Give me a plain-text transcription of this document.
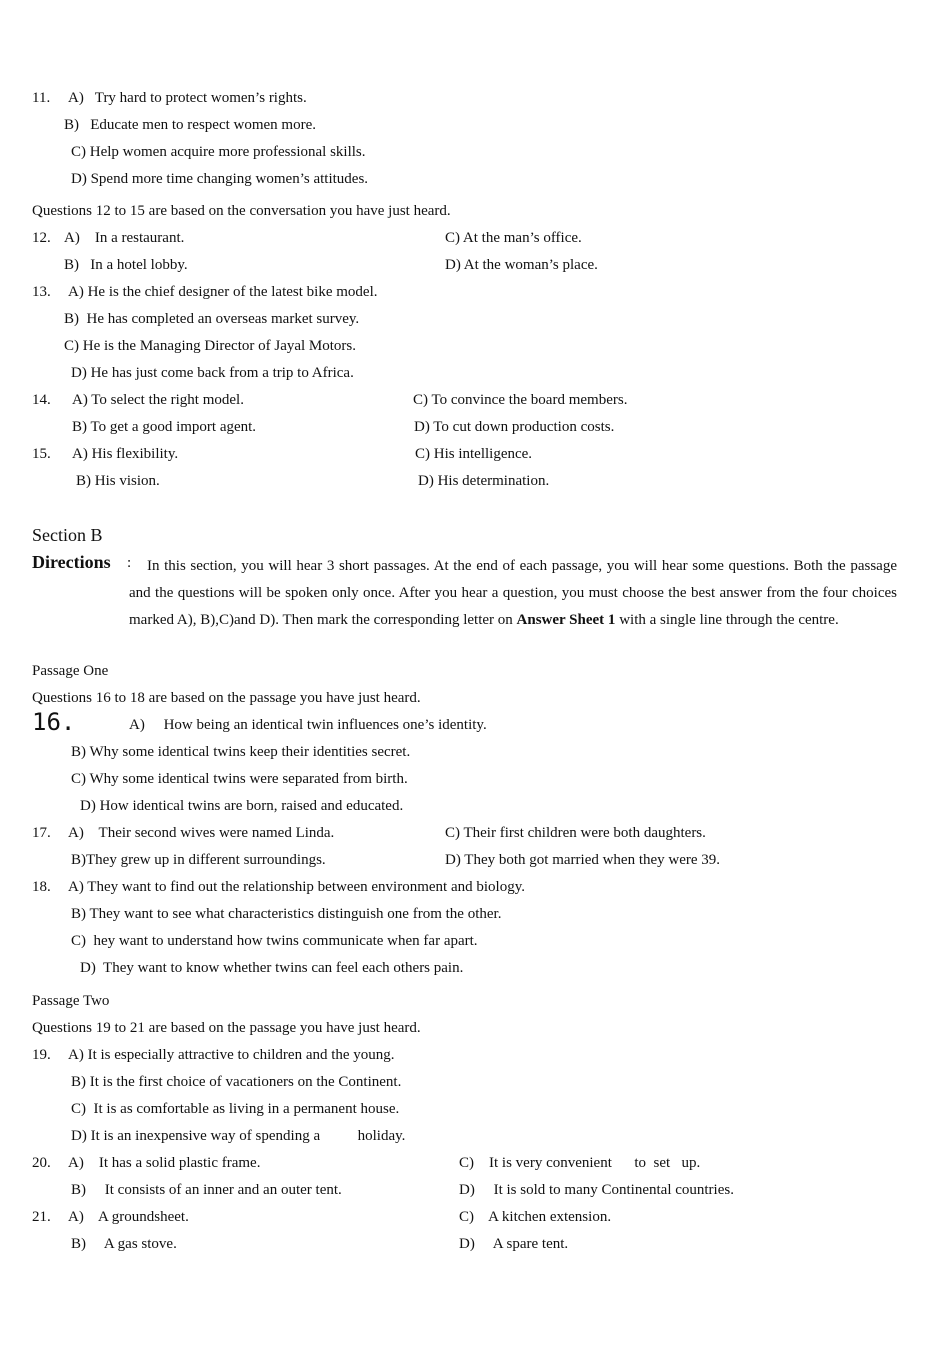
11. A)   Try hard to protect women’s rights.
B)   Educate men to respect women more.
C) Help women acquire more professional skills.
D) Spend more time changing women’s attitudes.
Questions 12 to 15 are based on the conversation you have just heard.
12. A)    In a restaurant.
B)   In a hotel lobby.
C) At the man’s office.
D) At the woman’s place.
13. A) He is the chief designer of the latest bike model.
B)  He has completed an overseas market survey.
C) He is the Managing Director of Jayal Motors.
D) He has just come back from a trip to Africa.
14. A) To select the right model.
B) To get a good import agent.
C) To convince the board members.
D) To cut down production costs.
15. A) His flexibility.
B) His vision.
C) His intelligence.
D) His determination.
Section B
Directions :	In this section, you will hear 3 short passages. At the end of each passage, you will hear some questions. Both the passage and the questions will be spoken only once. After you hear a question, you must choose the best answer from the four choices marked A), B),C)and D). Then mark the corresponding letter on Answer Sheet 1 with a single line through the centre.
Passage One
Questions 16 to 18 are based on the passage you have just heard.
16.	A)     How being an identical twin influences one’s identity.
B) Why some identical twins keep their identities secret.
C) Why some identical twins were separated from birth.
D) How identical twins are born, raised and educated.
17. A)    Their second wives were named Linda.
B)They grew up in different surroundings.
C) Their first children were both daughters.
D) They both got married when they were 39.
18. A) They want to find out the relationship between environment and biology.
B) They want to see what characteristics distinguish one from the other.
C)  hey want to understand how twins communicate when far apart.
D)  They want to know whether twins can feel each others pain.
Passage Two
Questions 19 to 21 are based on the passage you have just heard.
19. A) It is especially attractive to children and the young.
B) It is the first choice of vacationers on the Continent.
C)  It is as comfortable as living in a permanent house.
D) It is an inexpensive way of spending a          holiday.
20. A)    It has a solid plastic frame.
B)     It consists of an inner and an outer tent.
C)    It is very convenient      to  set   up.
D)     It is sold to many Continental countries.
21. A)    A groundsheet.
B)     A gas stove.
C)    A kitchen extension.
D)     A spare tent.
